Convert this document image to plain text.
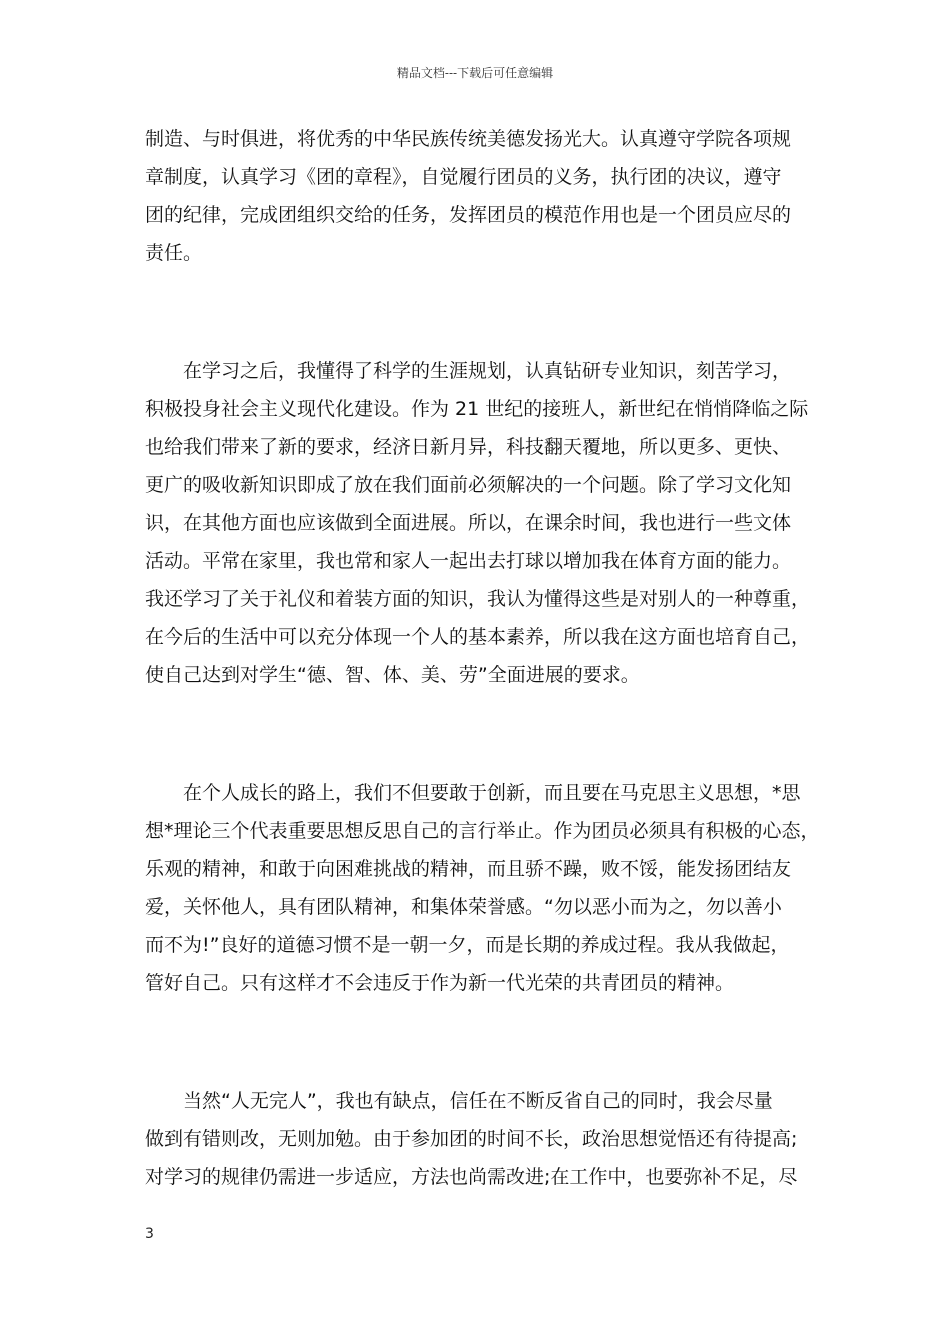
精品文档---下载后可任意编辑
制造、与时俱进，将优秀的中华民族传统美德发扬光大。认真遵守学院各项规
章制度，认真学习《团的章程》，自觉履行团员的义务，执行团的决议，遵守
团的纪律，完成团组织交给的任务，发挥团员的模范作用也是一个团员应尽的
责任。
在学习之后，我懂得了科学的生涯规划，认真钻研专业知识，刻苦学习，
积极投身社会主义现代化建设。作为 21 世纪的接班人，新世纪在悄悄降临之际
也给我们带来了新的要求，经济日新月异，科技翻天覆地，所以更多、更快、
更广的吸收新知识即成了放在我们面前必须解决的一个问题。除了学习文化知
识，在其他方面也应该做到全面进展。所以，在课余时间，我也进行一些文体
活动。平常在家里，我也常和家人一起出去打球以增加我在体育方面的能力。
我还学习了关于礼仪和着装方面的知识，我认为懂得这些是对别人的一种尊重，
在今后的生活中可以充分体现一个人的基本素养，所以我在这方面也培育自己，
使自己达到对学生“德、智、体、美、劳”全面进展的要求。
在个人成长的路上，我们不但要敢于创新，而且要在马克思主义思想，*思
想*理论三个代表重要思想反思自己的言行举止。作为团员必须具有积极的心态，
乐观的精神，和敢于向困难挑战的精神，而且骄不躁，败不馁，能发扬团结友
爱，关怀他人，具有团队精神，和集体荣誉感。“勿以恶小而为之，勿以善小
而不为!”良好的道德习惯不是一朝一夕，而是长期的养成过程。我从我做起，
管好自己。只有这样才不会违反于作为新一代光荣的共青团员的精神。
当然“人无完人”，我也有缺点，信任在不断反省自己的同时，我会尽量
做到有错则改，无则加勉。由于参加团的时间不长，政治思想觉悟还有待提高;
对学习的规律仍需进一步适应，方法也尚需改进;在工作中，也要弥补不足，尽
3
